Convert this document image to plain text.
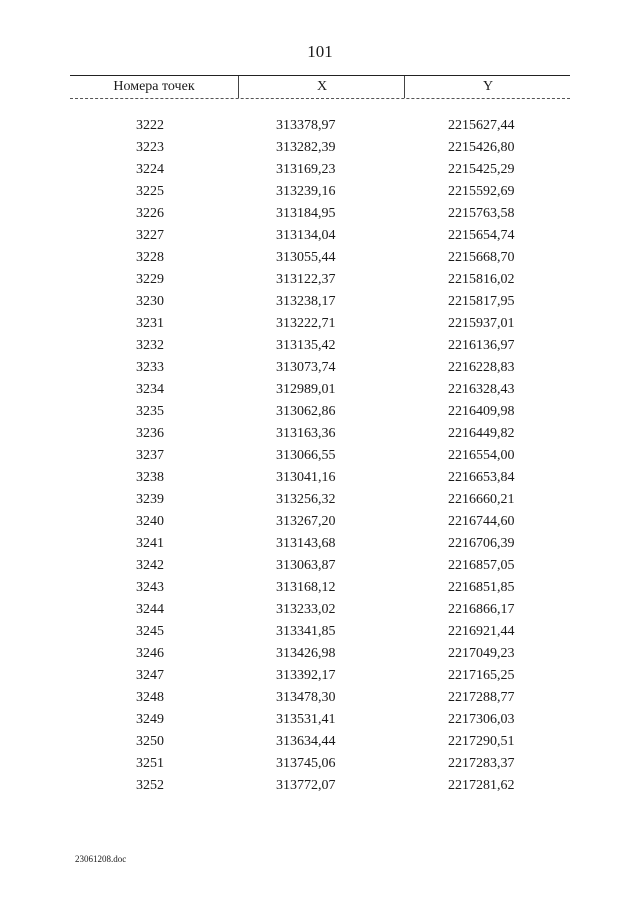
101
Номера точек	X	Y
3222	313378,97	2215627,44
3223	313282,39	2215426,80
3224	313169,23	2215425,29
3225	313239,16	2215592,69
3226	313184,95	2215763,58
3227	313134,04	2215654,74
3228	313055,44	2215668,70
3229	313122,37	2215816,02
3230	313238,17	2215817,95
3231	313222,71	2215937,01
3232	313135,42	2216136,97
3233	313073,74	2216228,83
3234	312989,01	2216328,43
3235	313062,86	2216409,98
3236	313163,36	2216449,82
3237	313066,55	2216554,00
3238	313041,16	2216653,84
3239	313256,32	2216660,21
3240	313267,20	2216744,60
3241	313143,68	2216706,39
3242	313063,87	2216857,05
3243	313168,12	2216851,85
3244	313233,02	2216866,17
3245	313341,85	2216921,44
3246	313426,98	2217049,23
3247	313392,17	2217165,25
3248	313478,30	2217288,77
3249	313531,41	2217306,03
3250	313634,44	2217290,51
3251	313745,06	2217283,37
3252	313772,07	2217281,62
23061208.doc
